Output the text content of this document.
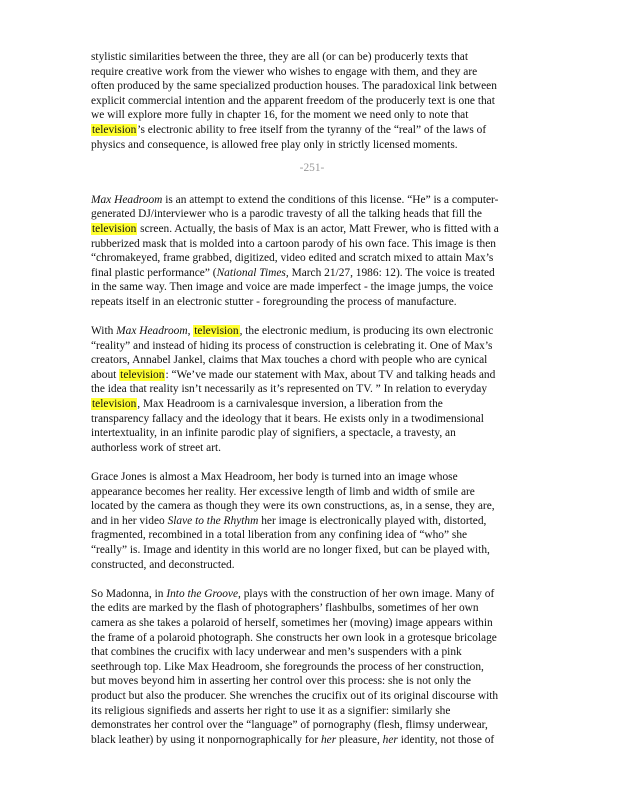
stylistic similarities between the three, they are all (or can be) producerly texts that
require creative work from the viewer who wishes to engage with them, and they are
often produced by the same specialized production houses. The paradoxical link between
explicit commercial intention and the apparent freedom of the producerly text is one that
we will explore more fully in chapter 16, for the moment we need only to note that
television’s electronic ability to free itself from the tyranny of the “real” of the laws of
physics and consequence, is allowed free play only in strictly licensed moments.
-251-
Max Headroom is an attempt to extend the conditions of this license. “He” is a computer-
generated DJ/interviewer who is a parodic travesty of all the talking heads that fill the
television screen. Actually, the basis of Max is an actor, Matt Frewer, who is fitted with a
rubberized mask that is molded into a cartoon parody of his own face. This image is then
“chromakeyed, frame grabbed, digitized, video edited and scratch mixed to attain Max’s
final plastic performance” (National Times, March 21/27, 1986: 12). The voice is treated
in the same way. Then image and voice are made imperfect - the image jumps, the voice
repeats itself in an electronic stutter - foregrounding the process of manufacture.
With Max Headroom, television, the electronic medium, is producing its own electronic
“reality” and instead of hiding its process of construction is celebrating it. One of Max’s
creators, Annabel Jankel, claims that Max touches a chord with people who are cynical
about television: “We’ve made our statement with Max, about TV and talking heads and
the idea that reality isn’t necessarily as it’s represented on TV. ” In relation to everyday
television, Max Headroom is a carnivalesque inversion, a liberation from the
transparency fallacy and the ideology that it bears. He exists only in a twodimensional
intertextuality, in an infinite parodic play of signifiers, a spectacle, a travesty, an
authorless work of street art.
Grace Jones is almost a Max Headroom, her body is turned into an image whose
appearance becomes her reality. Her excessive length of limb and width of smile are
located by the camera as though they were its own constructions, as, in a sense, they are,
and in her video Slave to the Rhythm her image is electronically played with, distorted,
fragmented, recombined in a total liberation from any confining idea of “who” she
“really” is. Image and identity in this world are no longer fixed, but can be played with,
constructed, and deconstructed.
So Madonna, in Into the Groove, plays with the construction of her own image. Many of
the edits are marked by the flash of photographers’ flashbulbs, sometimes of her own
camera as she takes a polaroid of herself, sometimes her (moving) image appears within
the frame of a polaroid photograph. She constructs her own look in a grotesque bricolage
that combines the crucifix with lacy underwear and men’s suspenders with a pink
seethrough top. Like Max Headroom, she foregrounds the process of her construction,
but moves beyond him in asserting her control over this process: she is not only the
product but also the producer. She wrenches the crucifix out of its original discourse with
its religious signifieds and asserts her right to use it as a signifier: similarly she
demonstrates her control over the “language” of pornography (flesh, flimsy underwear,
black leather) by using it nonpornographically for her pleasure, her identity, not those of
